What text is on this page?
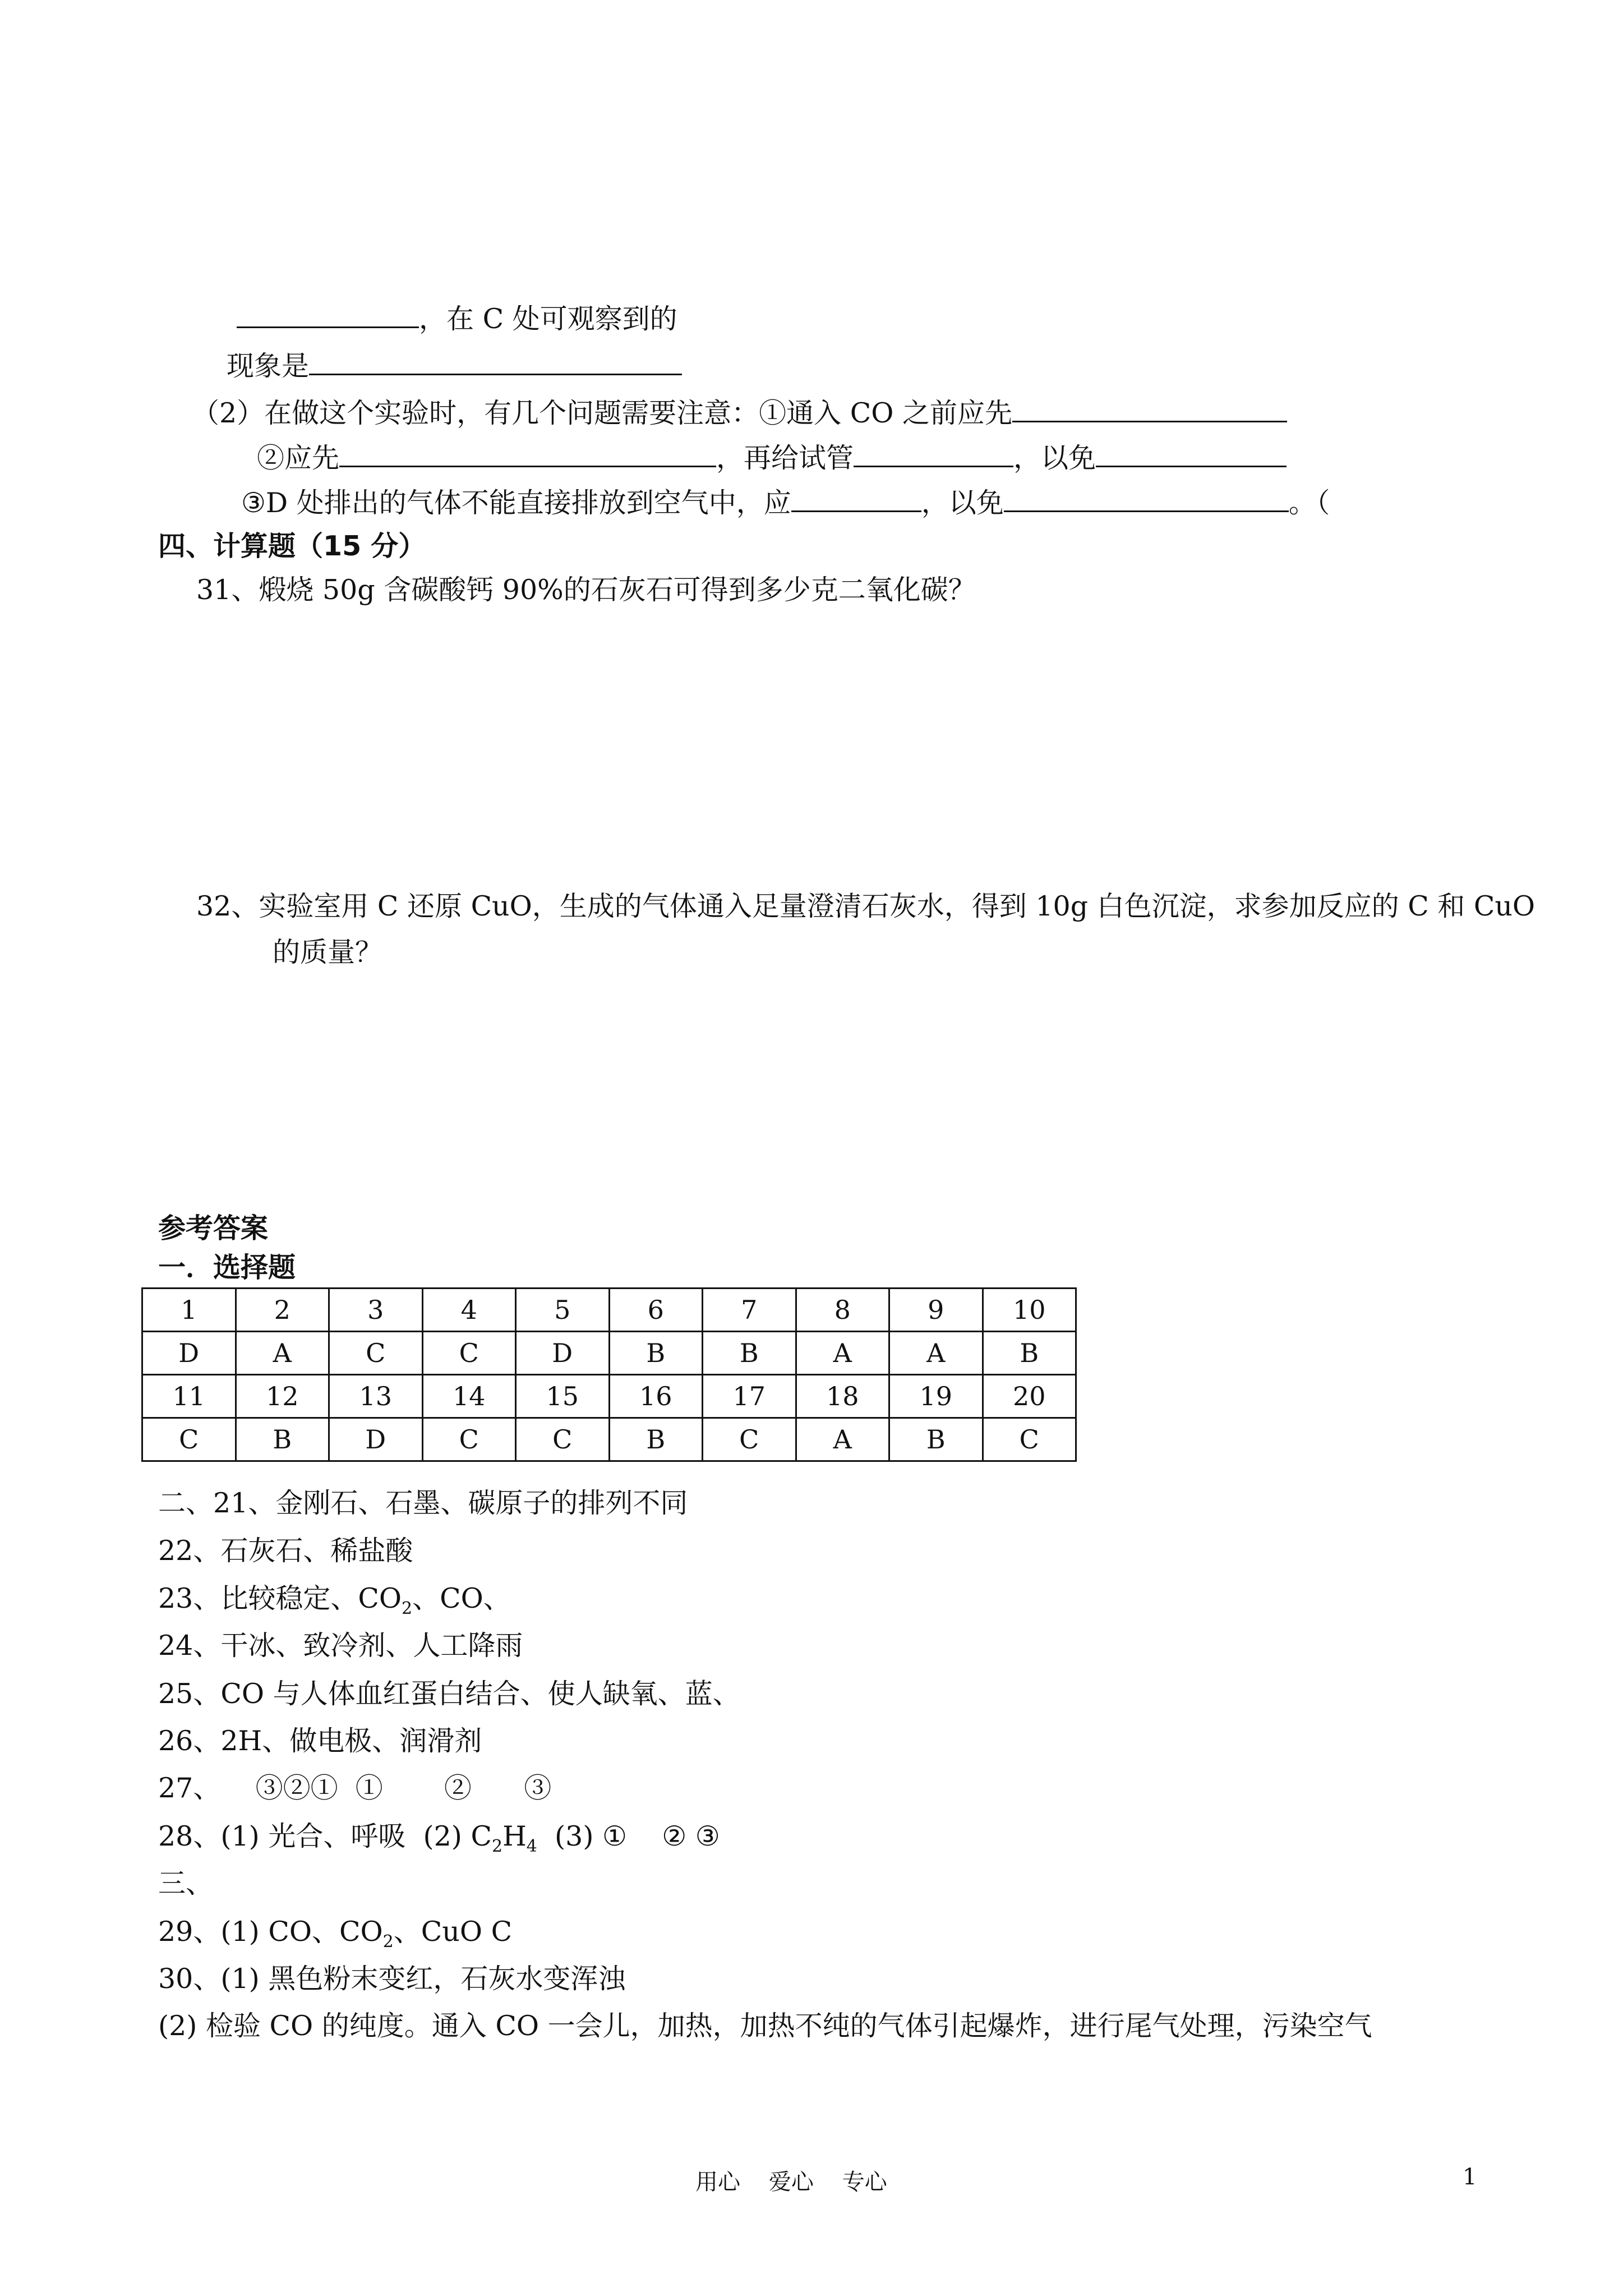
，在 C 处可观察到的
现象是
（2）在做这个实验时，有几个问题需要注意：①通入 CO 之前应先
②应先	，再给试管	，以免
③D 处排出的气体不能直接排放到空气中，应	，以免	。（
四、计算题（15 分）
31、煅烧 50g 含碳酸钙 90%的石灰石可得到多少克二氧化碳？
32、实验室用 C 还原 CuO，生成的气体通入足量澄清石灰水，得到 10g 白色沉淀，求参加反应的 C 和 CuO
的质量？
参考答案
一．选择题
1	2	3	4	5	6	7	8	9	10
D	A	C	C	D	B	B	A	A	B
11	12	13	14	15	16	17	18	19	20
C	B	D	C	C	B	C	A	B	C
二、21、金刚石、石墨、碳原子的排列不同
22、石灰石、稀盐酸
23、比较稳定、$CO_2$、CO、
24、干冰、致冷剂、人工降雨
25、CO 与人体血红蛋白结合、使人缺氧、蓝、
26、2H、做电极、润滑剂
27、    ③②①  ①       ②      ③
28、(1) 光合、呼吸  (2) $C_2H_4$  (3) ①    ② ③
三、
29、(1) CO、$CO_2$、CuO C
30、(1) 黑色粉末变红，石灰水变浑浊
(2) 检验 CO 的纯度。通入 CO 一会儿，加热，加热不纯的气体引起爆炸，进行尾气处理，污染空气
用心    爱心    专心	1
